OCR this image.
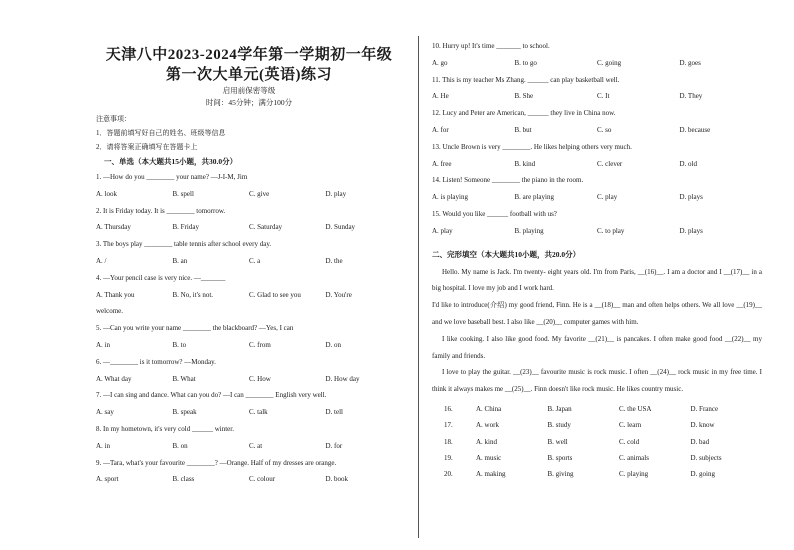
天津八中2023-2024学年第一学期初一年级
第一次大单元(英语)练习
启用前保密等级
时间：45分钟；满分100分
注意事项：
1．答题前填写好自己的姓名、班级等信息
2．请将答案正确填写在答题卡上
一、单选（本大题共15小题，共30.0分）
1. —How do you ________ your name? —J-I-M, Jim
A. look	B. spell	C. give	D. play
2. It is Friday today. It is ________ tomorrow.
A. Thursday	B. Friday	C. Saturday	D. Sunday
3. The boys play ________ table tennis after school every day.
A. /	B. an	C. a	D. the
4. —Your pencil case is very nice. —_______
A. Thank you	B. No, it's not.	C. Glad to see you	D. You're
welcome.
5. —Can you write your name ________ the blackboard? —Yes, I can
A. in	B. to	C. from	D. on
6. —________ is it tomorrow? —Monday.
A. What day	B. What	C. How	D. How day
7. —I can sing and dance. What can you do? —I can ________ English very well.
A. say	B. speak	C. talk	D. tell
8. In my hometown, it's very cold ______ winter.
A. in	B. on	C. at	D. for
9. —Tara, what's your favourite ________? —Orange. Half of my dresses are orange.
A. sport	B. class	C. colour	D. book
10. Hurry up! It's time _______ to school.
A. go	B. to go	C. going	D. goes
11. This is my teacher Ms Zhang. ______ can play basketball well.
A. He	B. She	C. It	D. They
12. Lucy and Peter are American, ______ they live in China now.
A. for	B. but	C. so	D. because
13. Uncle Brown is very ________. He likes helping others very much.
A. free	B. kind	C. clever	D. old
14. Listen! Someone ________ the piano in the room.
A. is playing	B. are playing	C. play	D. plays
15. Would you like ______ football with us?
A. play	B. playing	C. to play	D. plays
二、完形填空（本大题共10小题，共20.0分）
Hello. My name is Jack. I'm twenty- eight years old. I'm from Paris, __(16)__. I am a doctor and I __(17)__ in a big hospital. I love my job and I work hard.
I'd like to introduce(介绍) my good friend, Finn. He is a __(18)__ man and often helps others. We all love __(19)__ and we love baseball best. I also like __(20)__ computer games with him.
I like cooking. I also like good food. My favorite __(21)__ is pancakes. I often make good food __(22)__ my family and friends.
I love to play the guitar. __(23)__ favourite music is rock music. I often __(24)__ rock music in my free time. I think it always makes me __(25)__. Finn doesn't like rock music. He likes country music.
16.	A. China	B. Japan	C. the USA	D. France
17.	A. work	B. study	C. learn	D. know
18.	A. kind	B. well	C. cold	D. bad
19.	A. music	B. sports	C. animals	D. subjects
20.	A. making	B. giving	C. playing	D. going
